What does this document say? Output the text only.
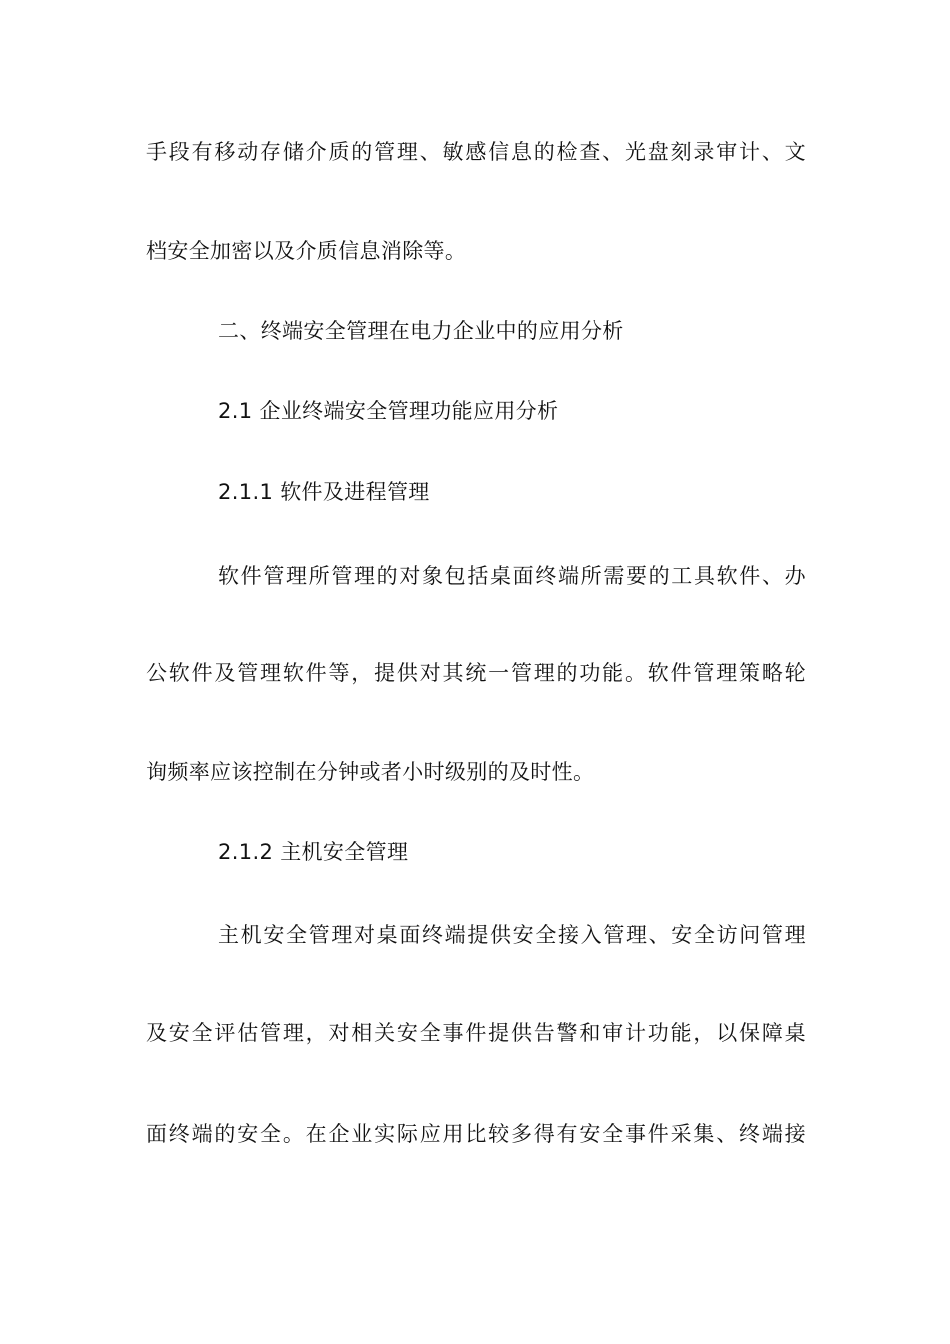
手段有移动存储介质的管理、敏感信息的检查、光盘刻录审计、文
档安全加密以及介质信息消除等。
二、终端安全管理在电力企业中的应用分析
2.1 企业终端安全管理功能应用分析
2.1.1 软件及进程管理
软件管理所管理的对象包括桌面终端所需要的工具软件、办
公软件及管理软件等，提供对其统一管理的功能。软件管理策略轮
询频率应该控制在分钟或者小时级别的及时性。
2.1.2 主机安全管理
主机安全管理对桌面终端提供安全接入管理、安全访问管理
及安全评估管理，对相关安全事件提供告警和审计功能，以保障桌
面终端的安全。在企业实际应用比较多得有安全事件采集、终端接
